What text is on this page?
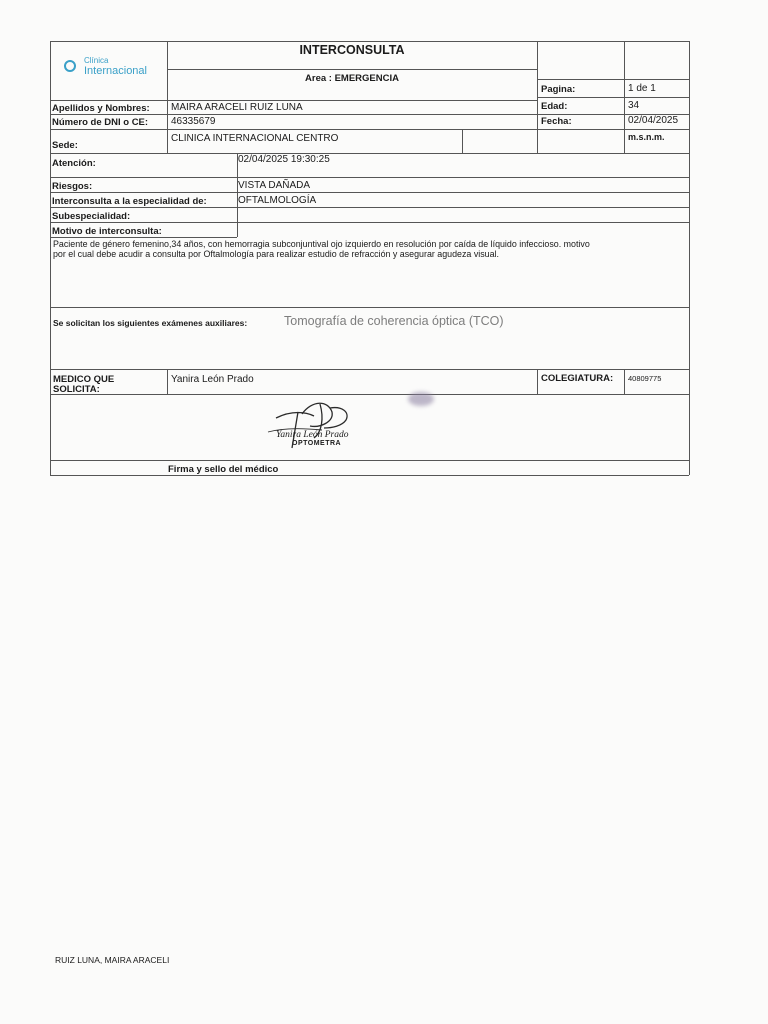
Clínica
Internacional
INTERCONSULTA
Area : EMERGENCIA
Pagina:	1 de 1
Edad:	34
Fecha:	02/04/2025
m.s.n.m.
Apellidos y Nombres: MAIRA ARACELI RUIZ LUNA
Número de DNI o CE: 46335679
Sede:
CLINICA INTERNACIONAL CENTRO
Atención:	02/04/2025 19:30:25
Riesgos:	VISTA DAÑADA
Interconsulta a la especialidad de:	OFTALMOLOGÍA
Subespecialidad:
Motivo de interconsulta:
Paciente de género femenino,34 años, con hemorragia subconjuntival ojo izquierdo en resolución por caída de líquido infeccioso. motivo
por el cual debe acudir a consulta por Oftalmología para realizar estudio de refracción y asegurar agudeza visual.
Se solicitan los siguientes exámenes auxiliares:	Tomografía de coherencia óptica (TCO)
MEDICO QUE
SOLICITA:
Yanira León Prado	COLEGIATURA: 40809775
Yanira León Prado
OPTOMETRA
Firma y sello del médico
RUIZ LUNA, MAIRA ARACELI
